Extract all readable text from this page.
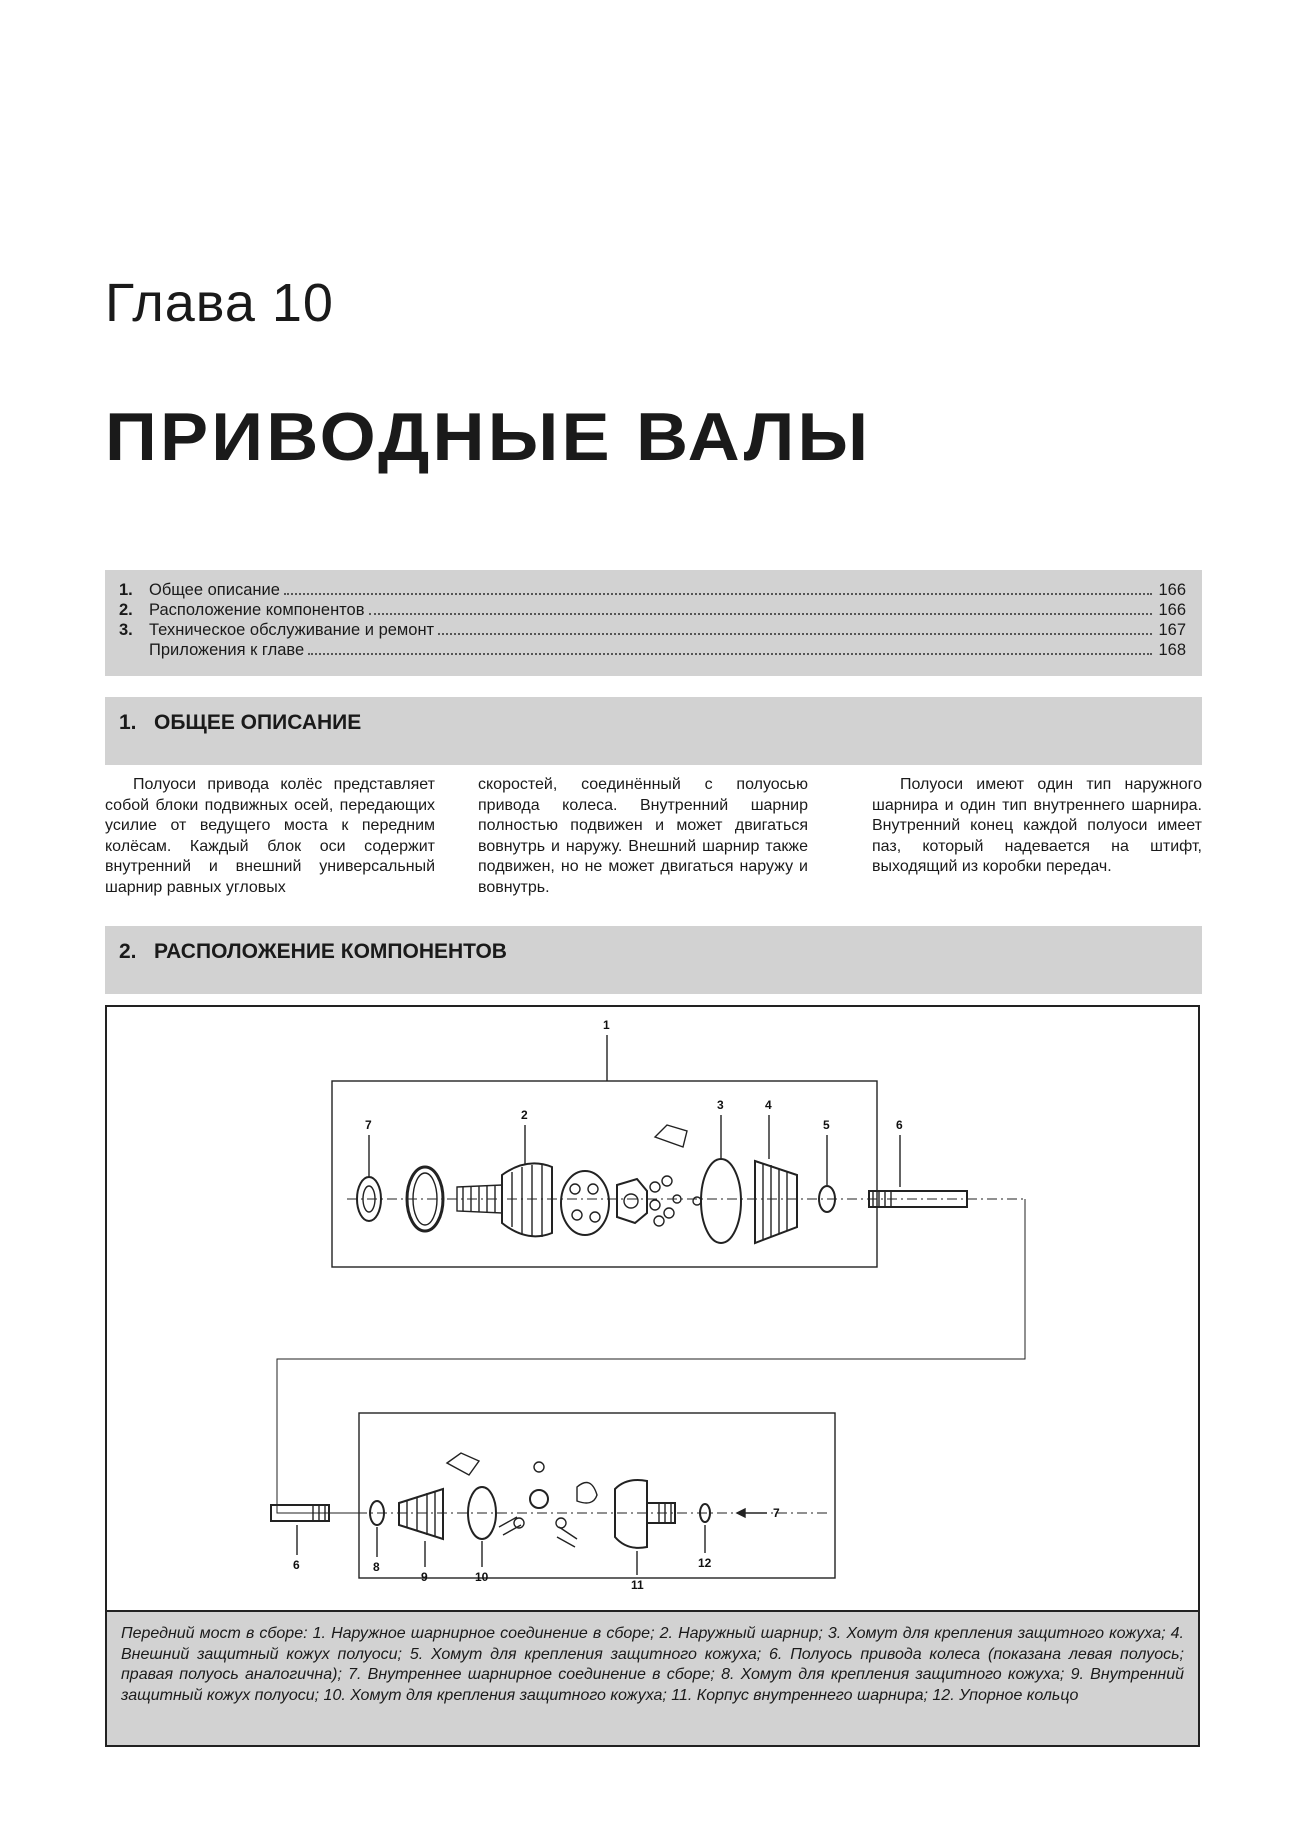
Глава 10
ПРИВОДНЫЕ ВАЛЫ
1. Общее описание	166
2. Расположение компонентов	166
3. Техническое обслуживание и ремонт	167
Приложения к главе	168
1. ОБЩЕЕ ОПИСАНИЕ

Полуоси привода колёс представляет собой блоки подвижных осей, передающих усилие от ведущего моста к передним колёсам. Каждый блок оси содержит внутренний и внешний универсальный шарнир равных угловых

скоростей, соединённый с полуосью привода колеса. Внутренний шарнир полностью подвижен и может двигаться вовнутрь и наружу. Внешний шарнир также подвижен, но не может двигаться наружу и вовнутрь.

Полуоси имеют один тип наружного шарнира и один тип внутреннего шарнира. Внутренний конец каждой полуоси имеет паз, который надевается на штифт, выходящий из коробки передач.

2. РАСПОЛОЖЕНИЕ КОМПОНЕНТОВ
1
7
2
3	4
5	6
6	8
9	10
11
12
7
Передний мост в сборе: 1. Наружное шарнирное соединение в сборе; 2. Наружный шарнир; 3. Хомут для крепления защитного кожуха; 4. Внешний защитный кожух полуоси; 5. Хомут для крепления защитного кожуха; 6. Полуось привода колеса (показана левая полуось; правая полуось аналогична); 7. Внутреннее шарнирное соединение в сборе; 8. Хомут для крепления защитного кожуха; 9. Внутренний защитный кожух полуоси; 10. Хомут для крепления защитного кожуха; 11. Корпус внутреннего шарнира; 12. Упорное кольцо
